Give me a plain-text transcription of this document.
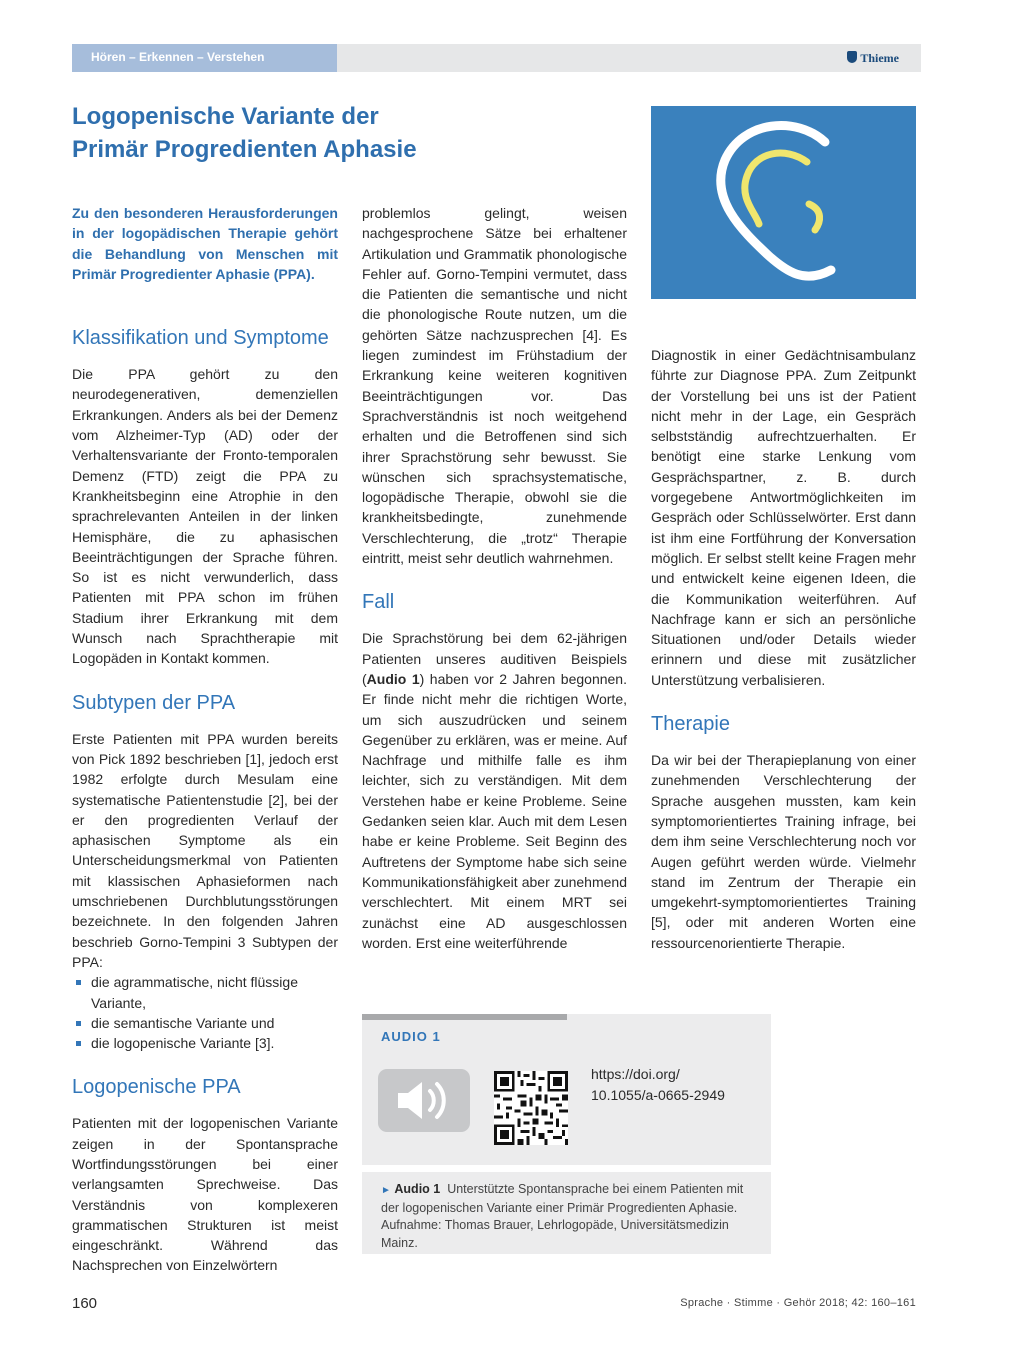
Hören – Erkennen – Verstehen	Thieme
Logopenische Variante der
Primär Progredienten Aphasie

Zu den besonderen Herausforderungen in der logopädischen Therapie gehört die Behandlung von Menschen mit Primär Progredienter Aphasie (PPA).

Klassifikation und Symptome

Die PPA gehört zu den neurodegenerativen, demenziellen Erkrankungen. Anders als bei der Demenz vom Alzheimer-Typ (AD) oder der Verhaltensvariante der Fronto-temporalen Demenz (FTD) zeigt die PPA zu Krankheitsbeginn eine Atrophie in den sprachrelevanten Anteilen in der linken Hemisphäre, die zu aphasischen Beeinträchtigungen der Sprache führen. So ist es nicht verwunderlich, dass Patienten mit PPA schon im frühen Stadium ihrer Erkrankung mit dem Wunsch nach Sprachtherapie mit Logopäden in Kontakt kommen.

Subtypen der PPA

Erste Patienten mit PPA wurden bereits von Pick 1892 beschrieben [1], jedoch erst 1982 erfolgte durch Mesulam eine systematische Patientenstudie [2], bei der er den progredienten Verlauf der aphasischen Symptome als ein Unterscheidungsmerkmal von Patienten mit klassischen Aphasieformen nach umschriebenen Durchblutungsstörungen bezeichnete. In den folgenden Jahren beschrieb Gorno-Tempini 3 Subtypen der PPA:

die agrammatische, nicht flüssige Variante,
die semantische Variante und
die logopenische Variante [3].
Logopenische PPA

Patienten mit der logopenischen Variante zeigen in der Spontansprache Wortfindungsstörungen bei einer verlangsamten Sprechweise. Das Verständnis von komplexeren grammatischen Strukturen ist meist eingeschränkt. Während das Nachsprechen von Einzelwörtern

problemlos gelingt, weisen nachgesprochene Sätze bei erhaltener Artikulation und Grammatik phonologische Fehler auf. Gorno-Tempini vermutet, dass die Patienten die semantische und nicht die phonologische Route nutzen, um die gehörten Sätze nachzusprechen [4]. Es liegen zumindest im Frühstadium der Erkrankung keine weiteren kognitiven Beeinträchtigungen vor. Das Sprachverständnis ist noch weitgehend erhalten und die Betroffenen sind sich ihrer Sprachstörung sehr bewusst. Sie wünschen sich sprachsystematische, logopädische Therapie, obwohl sie die krankheitsbedingte, zunehmende Verschlechterung, die „trotz“ Therapie eintritt, meist sehr deutlich wahrnehmen.

Fall

Die Sprachstörung bei dem 62-jährigen Patienten unseres auditiven Beispiels (Audio 1) haben vor 2 Jahren begonnen. Er finde nicht mehr die richtigen Worte, um sich auszudrücken und seinem Gegenüber zu erklären, was er meine. Auf Nachfrage und mithilfe falle es ihm leichter, sich zu verständigen. Mit dem Verstehen habe er keine Probleme. Seine Gedanken seien klar. Auch mit dem Lesen habe er keine Probleme. Seit Beginn des Auftretens der Symptome habe sich seine Kommunikationsfähigkeit aber zunehmend verschlechtert. Mit einem MRT sei zunächst eine AD ausgeschlossen worden. Erst eine weiterführende

Diagnostik in einer Gedächtnisambulanz führte zur Diagnose PPA. Zum Zeitpunkt der Vorstellung bei uns ist der Patient nicht mehr in der Lage, ein Gespräch selbstständig aufrechtzuerhalten. Er benötigt eine starke Lenkung vom Gesprächspartner, z. B. durch vorgegebene Antwortmöglichkeiten im Gespräch oder Schlüsselwörter. Erst dann ist ihm eine Fortführung der Konversation möglich. Er selbst stellt keine Fragen mehr und entwickelt keine eigenen Ideen, die die Kommunikation weiterführen. Auf Nachfrage kann er sich an persönliche Situationen und/oder Details wieder erinnern und diese mit zusätzlicher Unterstützung verbalisieren.

Therapie

Da wir bei der Therapieplanung von einer zunehmenden Verschlechterung der Sprache ausgehen mussten, kam kein symptomorientiertes Training infrage, bei dem ihm seine Verschlechterung noch vor Augen geführt werden würde. Vielmehr stand im Zentrum der Therapie ein umgekehrt-symptomorientiertes Training [5], oder mit anderen Worten eine ressourcenorientierte Therapie.

AUDIO 1
https://doi.org/
10.1055/a-0665-2949
► Audio 1 Unterstützte Spontansprache bei einem Patienten mit der logopenischen Variante einer Primär Progredienten Aphasie. Aufnahme: Thomas Brauer, Lehrlogopäde, Universitätsmedizin Mainz.
160	Sprache · Stimme · Gehör 2018; 42: 160–161
